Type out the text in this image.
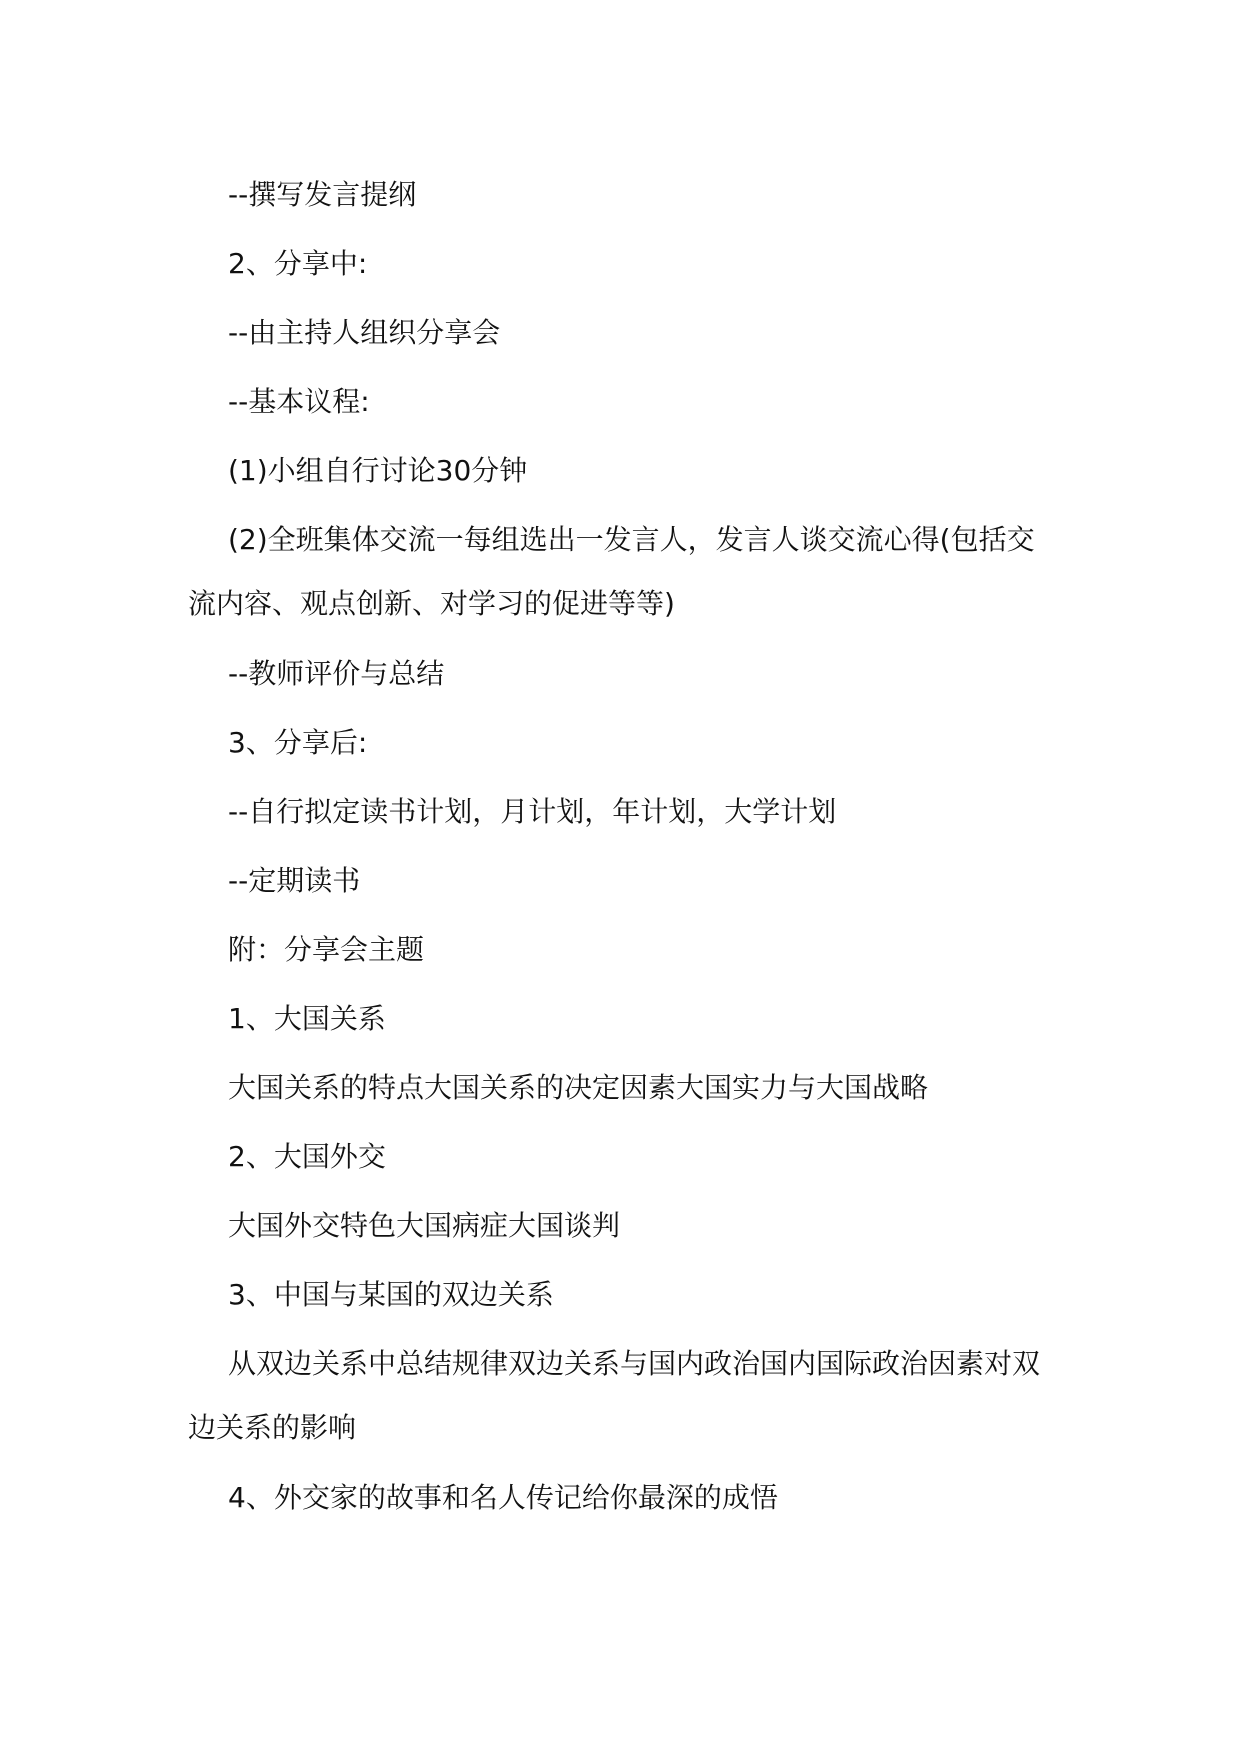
--撰写发言提纲

2、分享中:

--由主持人组织分享会

--基本议程:

(1)小组自行讨论30分钟

(2)全班集体交流一每组选出一发言人，发言人谈交流心得(包括交流内容、观点创新、对学习的促进等等)

--教师评价与总结

3、分享后:

--自行拟定读书计划，月计划，年计划，大学计划

--定期读书

附：分享会主题

1、大国关系

大国关系的特点大国关系的决定因素大国实力与大国战略

2、大国外交

大国外交特色大国病症大国谈判

3、中国与某国的双边关系

从双边关系中总结规律双边关系与国内政治国内国际政治因素对双边关系的影响

4、外交家的故事和名人传记给你最深的成悟
